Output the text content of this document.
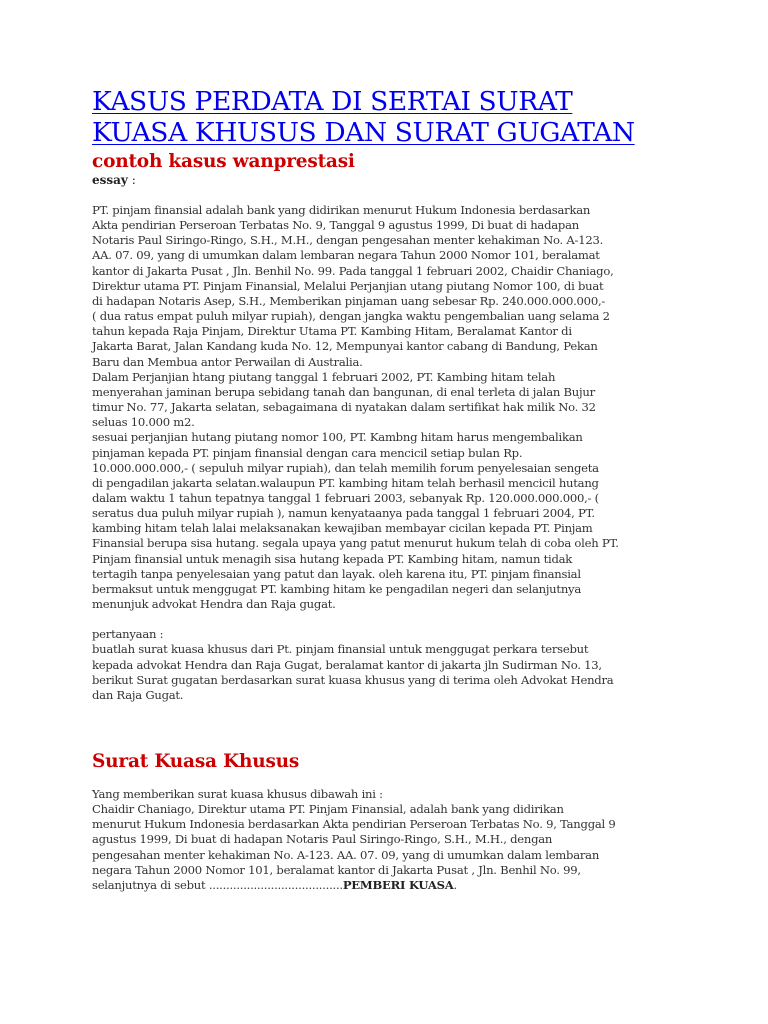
KASUS PERDATA DI SERTAI SURAT
KUASA KHUSUS DAN SURAT GUGATAN
contoh kasus wanprestasi
essay :
PT. pinjam finansial adalah bank yang didirikan menurut Hukum Indonesia berdasarkan
Akta pendirian Perseroan Terbatas No. 9, Tanggal 9 agustus 1999, Di buat di hadapan
Notaris Paul Siringo-Ringo, S.H., M.H., dengan pengesahan menter kehakiman No. A-123.
AA. 07. 09, yang di umumkan dalam lembaran negara Tahun 2000 Nomor 101, beralamat
kantor di Jakarta Pusat , Jln. Benhil No. 99. Pada tanggal 1 februari 2002, Chaidir Chaniago,
Direktur utama PT. Pinjam Finansial, Melalui Perjanjian utang piutang Nomor 100, di buat
di hadapan Notaris Asep, S.H., Memberikan pinjaman uang sebesar Rp. 240.000.000.000,-
( dua ratus empat puluh milyar rupiah), dengan jangka waktu pengembalian uang selama 2
tahun kepada Raja Pinjam, Direktur Utama PT. Kambing Hitam, Beralamat Kantor di
Jakarta Barat, Jalan Kandang kuda No. 12, Mempunyai kantor cabang di Bandung, Pekan
Baru dan Membua antor Perwailan di Australia.
Dalam Perjanjian htang piutang tanggal 1 februari 2002, PT. Kambing hitam telah
menyerahan jaminan berupa sebidang tanah dan bangunan, di enal terleta di jalan Bujur
timur No. 77, Jakarta selatan, sebagaimana di nyatakan dalam sertifikat hak milik No. 32
seluas 10.000 m2.
sesuai perjanjian hutang piutang nomor 100, PT. Kambng hitam harus mengembalikan
pinjaman kepada PT. pinjam finansial dengan cara mencicil setiap bulan Rp.
10.000.000.000,- ( sepuluh milyar rupiah), dan telah memilih forum penyelesaian sengeta
di pengadilan jakarta selatan.walaupun PT. kambing hitam telah berhasil mencicil hutang
dalam waktu 1 tahun tepatnya tanggal 1 februari 2003, sebanyak Rp. 120.000.000.000,- (
seratus dua puluh milyar rupiah ), namun kenyataanya pada tanggal 1 februari 2004, PT.
kambing hitam telah lalai melaksanakan kewajiban membayar cicilan kepada PT. Pinjam
Finansial berupa sisa hutang. segala upaya yang patut menurut hukum telah di coba oleh PT.
Pinjam finansial untuk menagih sisa hutang kepada PT. Kambing hitam, namun tidak
tertagih tanpa penyelesaian yang patut dan layak. oleh karena itu, PT. pinjam finansial
bermaksut untuk menggugat PT. kambing hitam ke pengadilan negeri dan selanjutnya
menunjuk advokat Hendra dan Raja gugat.
pertanyaan :
buatlah surat kuasa khusus dari Pt. pinjam finansial untuk menggugat perkara tersebut
kepada advokat Hendra dan Raja Gugat, beralamat kantor di jakarta jln Sudirman No. 13,
berikut Surat gugatan berdasarkan surat kuasa khusus yang di terima oleh Advokat Hendra
dan Raja Gugat.
Surat Kuasa Khusus
Yang memberikan surat kuasa khusus dibawah ini :
Chaidir Chaniago, Direktur utama PT. Pinjam Finansial, adalah bank yang didirikan
menurut Hukum Indonesia berdasarkan Akta pendirian Perseroan Terbatas No. 9, Tanggal 9
agustus 1999, Di buat di hadapan Notaris Paul Siringo-Ringo, S.H., M.H., dengan
pengesahan menter kehakiman No. A-123. AA. 07. 09, yang di umumkan dalam lembaran
negara Tahun 2000 Nomor 101, beralamat kantor di Jakarta Pusat , Jln. Benhil No. 99,
selanjutnya di sebut .......................................PEMBERI KUASA.
